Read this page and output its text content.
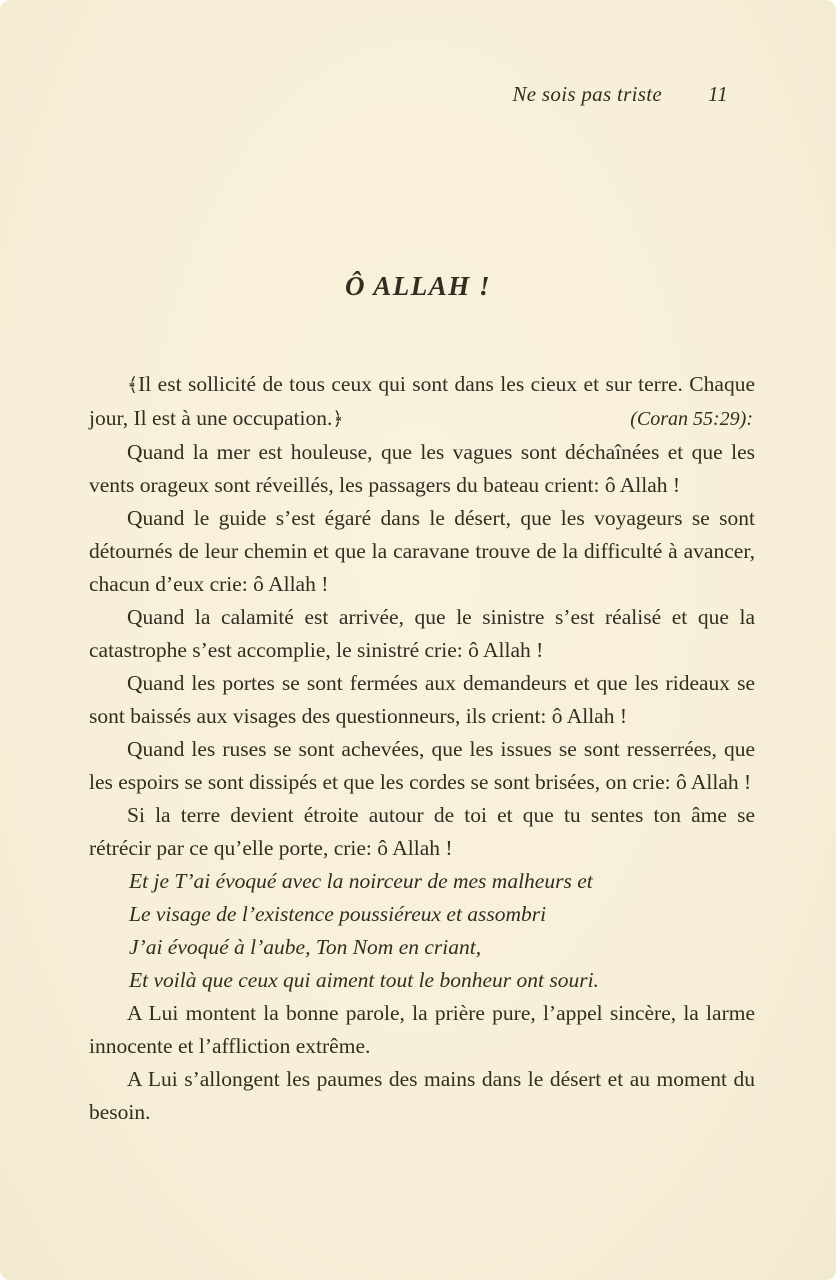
Ne sois pas triste 11
Ô ALLAH !

﴾Il est sollicité de tous ceux qui sont dans les cieux et sur terre. Chaque jour, Il est à une occupation.﴿	(Coran 55:29):

Quand la mer est houleuse, que les vagues sont déchaînées et que les vents orageux sont réveillés, les passagers du bateau crient: ô Allah !

Quand le guide s’est égaré dans le désert, que les voyageurs se sont détournés de leur chemin et que la caravane trouve de la difficulté à avancer, chacun d’eux crie: ô Allah !

Quand la calamité est arrivée, que le sinistre s’est réalisé et que la catastrophe s’est accomplie, le sinistré crie: ô Allah !

Quand les portes se sont fermées aux demandeurs et que les rideaux se sont baissés aux visages des questionneurs, ils crient: ô Allah !

Quand les ruses se sont achevées, que les issues se sont resserrées, que les espoirs se sont dissipés et que les cordes se sont brisées, on crie: ô Allah !

Si la terre devient étroite autour de toi et que tu sentes ton âme se rétrécir par ce qu’elle porte, crie: ô Allah !

Et je T’ai évoqué avec la noirceur de mes malheurs et

Le visage de l’existence poussiéreux et assombri

J’ai évoqué à l’aube, Ton Nom en criant,

Et voilà que ceux qui aiment tout le bonheur ont souri.

A Lui montent la bonne parole, la prière pure, l’appel sincère, la larme innocente et l’affliction extrême.

A Lui s’allongent les paumes des mains dans le désert et au moment du besoin.
